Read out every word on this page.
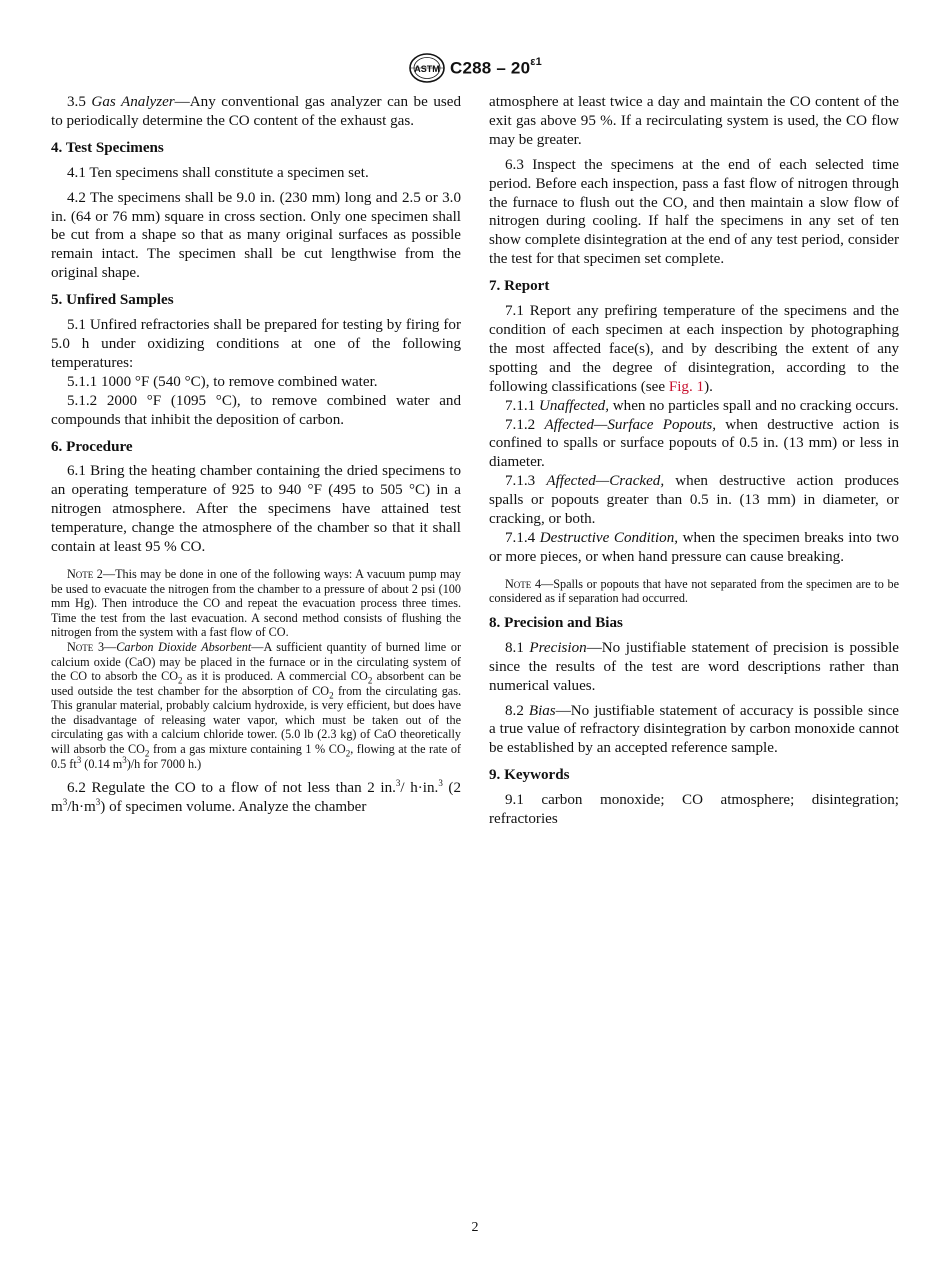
ASTM $C288 - 20^{\varepsilon 1}$

3.5 Gas Analyzer—Any conventional gas analyzer can be used to periodically determine the CO content of the exhaust gas.

4. Test Specimens

4.1 Ten specimens shall constitute a specimen set.

4.2 The specimens shall be 9.0 in. (230 mm) long and 2.5 or 3.0 in. (64 or 76 mm) square in cross section. Only one specimen shall be cut from a shape so that as many original surfaces as possible remain intact. The specimen shall be cut lengthwise from the original shape.

5. Unfired Samples

5.1 Unfired refractories shall be prepared for testing by firing for 5.0 h under oxidizing conditions at one of the following temperatures:

5.1.1 1000 °F (540 °C), to remove combined water.

5.1.2 2000 °F (1095 °C), to remove combined water and compounds that inhibit the deposition of carbon.

6. Procedure

6.1 Bring the heating chamber containing the dried specimens to an operating temperature of 925 to 940 °F (495 to 505 °C) in a nitrogen atmosphere. After the specimens have attained test temperature, change the atmosphere of the chamber so that it shall contain at least 95 % CO.

Note 2—This may be done in one of the following ways: A vacuum pump may be used to evacuate the nitrogen from the chamber to a pressure of about 2 psi (100 mm Hg). Then introduce the CO and repeat the evacuation process three times. Time the test from the last evacuation. A second method consists of flushing the nitrogen from the system with a fast flow of CO.

Note 3—Carbon Dioxide Absorbent—A sufficient quantity of burned lime or calcium oxide (CaO) may be placed in the furnace or in the circulating system of the CO to absorb the $CO_2$ as it is produced. A commercial $CO_2$ absorbent can be used outside the test chamber for the absorption of $CO_2$ from the circulating gas. This granular material, probably calcium hydroxide, is very efficient, but does have the disadvantage of releasing water vapor, which must be taken out of the circulating gas with a calcium chloride tower. (5.0 lb (2.3 kg) of CaO theoretically will absorb the $CO_2$ from a gas mixture containing 1 % $CO_2$, flowing at the rate of 0.5 $ft^3$ (0.14 $m^3)/h$ for 7000 h.)

6.2 Regulate the CO to a flow of not less than 2 in.$^3$/ h·in.$^3$ (2 $m^3/h\cdot m^3$) of specimen volume. Analyze the chamber

atmosphere at least twice a day and maintain the CO content of the exit gas above 95 %. If a recirculating system is used, the CO flow may be greater.

6.3 Inspect the specimens at the end of each selected time period. Before each inspection, pass a fast flow of nitrogen through the furnace to flush out the CO, and then maintain a slow flow of nitrogen during cooling. If half the specimens in any set of ten show complete disintegration at the end of any test period, consider the test for that specimen set complete.

7. Report

7.1 Report any prefiring temperature of the specimens and the condition of each specimen at each inspection by photographing the most affected face(s), and by describing the extent of any spotting and the degree of disintegration, according to the following classifications (see Fig. 1).

7.1.1 Unaffected, when no particles spall and no cracking occurs.

7.1.2 Affected—Surface Popouts, when destructive action is confined to spalls or surface popouts of 0.5 in. (13 mm) or less in diameter.

7.1.3 Affected—Cracked, when destructive action produces spalls or popouts greater than 0.5 in. (13 mm) in diameter, or cracking, or both.

7.1.4 Destructive Condition, when the specimen breaks into two or more pieces, or when hand pressure can cause breaking.

Note 4—Spalls or popouts that have not separated from the specimen are to be considered as if separation had occurred.

8. Precision and Bias

8.1 Precision—No justifiable statement of precision is possible since the results of the test are word descriptions rather than numerical values.

8.2 Bias—No justifiable statement of accuracy is possible since a true value of refractory disintegration by carbon monoxide cannot be established by an accepted reference sample.

9. Keywords

9.1 carbon monoxide; CO atmosphere; disintegration; refractories

2
